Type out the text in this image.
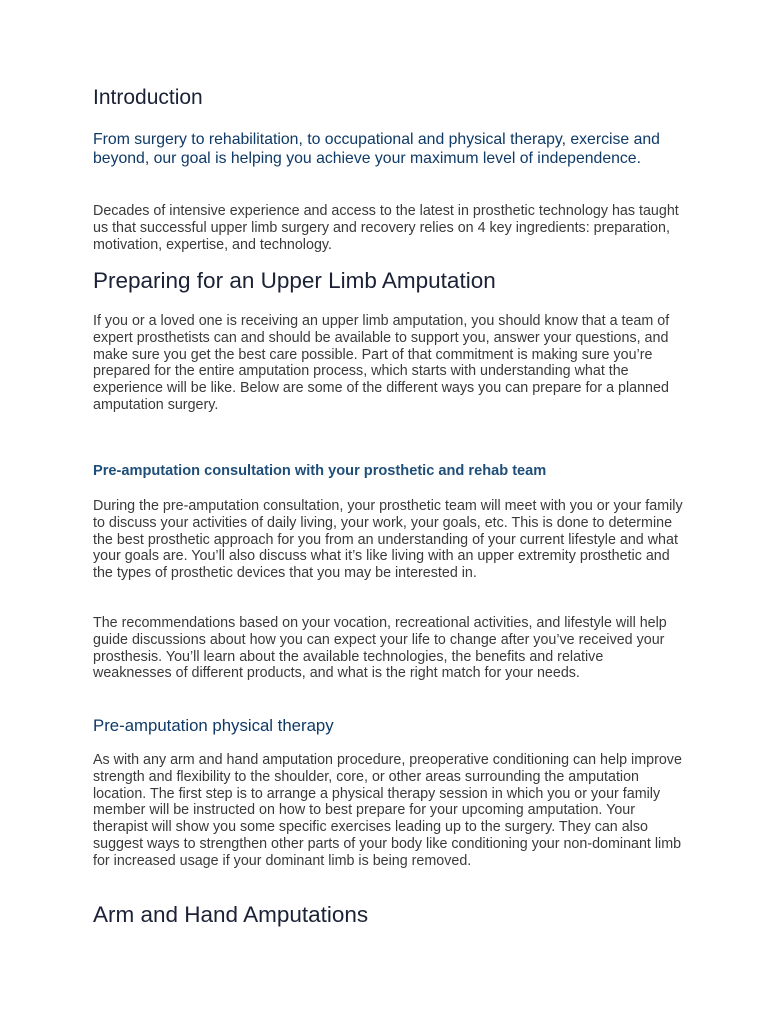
Introduction

From surgery to rehabilitation, to occupational and physical therapy, exercise and beyond, our goal is helping you achieve your maximum level of independence.

Decades of intensive experience and access to the latest in prosthetic technology has taught us that successful upper limb surgery and recovery relies on 4 key ingredients: preparation, motivation, expertise, and technology.

Preparing for an Upper Limb Amputation

If you or a loved one is receiving an upper limb amputation, you should know that a team of expert prosthetists can and should be available to support you, answer your questions, and make sure you get the best care possible. Part of that commitment is making sure you’re prepared for the entire amputation process, which starts with understanding what the experience will be like. Below are some of the different ways you can prepare for a planned amputation surgery.

Pre-amputation consultation with your prosthetic and rehab team

During the pre-amputation consultation, your prosthetic team will meet with you or your family to discuss your activities of daily living, your work, your goals, etc. This is done to determine the best prosthetic approach for you from an understanding of your current lifestyle and what your goals are. You’ll also discuss what it’s like living with an upper extremity prosthetic and the types of prosthetic devices that you may be interested in.

The recommendations based on your vocation, recreational activities, and lifestyle will help guide discussions about how you can expect your life to change after you’ve received your prosthesis. You’ll learn about the available technologies, the benefits and relative weaknesses of different products, and what is the right match for your needs.

Pre-amputation physical therapy

As with any arm and hand amputation procedure, preoperative conditioning can help improve strength and flexibility to the shoulder, core, or other areas surrounding the amputation location. The first step is to arrange a physical therapy session in which you or your family member will be instructed on how to best prepare for your upcoming amputation. Your therapist will show you some specific exercises leading up to the surgery. They can also suggest ways to strengthen other parts of your body like conditioning your non-dominant limb for increased usage if your dominant limb is being removed.

Arm and Hand Amputations
